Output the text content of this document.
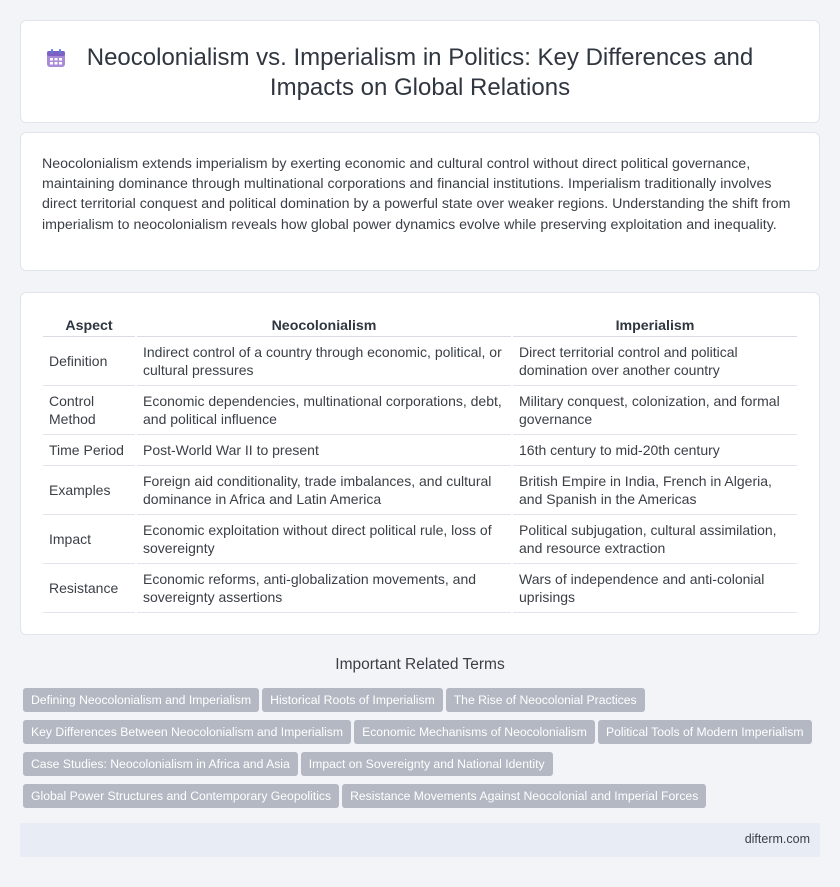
Neocolonialism vs. Imperialism in Politics: Key Differences and Impacts on Global Relations

Neocolonialism extends imperialism by exerting economic and cultural control without direct political governance, maintaining dominance through multinational corporations and financial institutions. Imperialism traditionally involves direct territorial conquest and political domination by a powerful state over weaker regions. Understanding the shift from imperialism to neocolonialism reveals how global power dynamics evolve while preserving exploitation and inequality.

Aspect	Neocolonialism	Imperialism
Definition	Indirect control of a country through economic, political, or cultural pressures	Direct territorial control and political domination over another country
Control Method	Economic dependencies, multinational corporations, debt, and political influence	Military conquest, colonization, and formal governance
Time Period	Post-World War II to present	16th century to mid-20th century
Examples	Foreign aid conditionality, trade imbalances, and cultural dominance in Africa and Latin America	British Empire in India, French in Algeria, and Spanish in the Americas
Impact	Economic exploitation without direct political rule, loss of sovereignty	Political subjugation, cultural assimilation, and resource extraction
Resistance	Economic reforms, anti-globalization movements, and sovereignty assertions	Wars of independence and anti-colonial uprisings
Important Related Terms
Defining Neocolonialism and Imperialism Historical Roots of Imperialism The Rise of Neocolonial Practices
Key Differences Between Neocolonialism and Imperialism Economic Mechanisms of Neocolonialism Political Tools of Modern Imperialism
Case Studies: Neocolonialism in Africa and Asia Impact on Sovereignty and National Identity
Global Power Structures and Contemporary Geopolitics Resistance Movements Against Neocolonial and Imperial Forces
difterm.com
